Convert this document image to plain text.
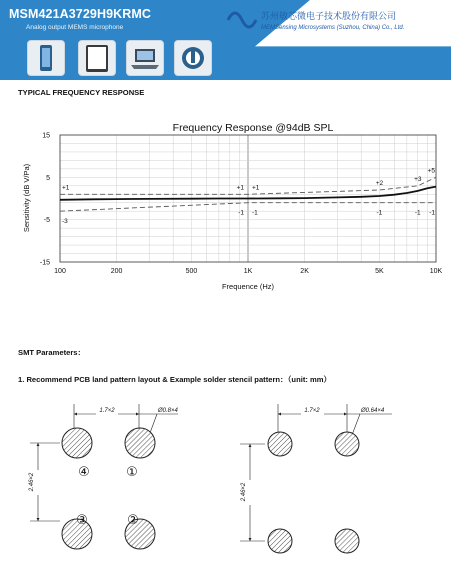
MSM421A3729H9KRMC
Analog output MEMS microphone
苏州敏芯微电子技术股份有限公司
MEMSensing Microsystems (Suzhou, China) Co., Ltd.
TYPICAL FREQUENCY RESPONSE
SMT Parameters：
1. Recommend PCB land pattern layout & Example solder stencil pattern：（unit: mm）
Frequency Response @94dB SPL
100	200	500	1K	2K	5K	10K
15
5
-5
-15
+1
-3
+1 +1
-1 -1
+2
-1
+3
-1
+5
-1
Frequence (Hz)
Sensitivity (dB V/Pa)
1.7×2	Ø0.8×4
2.46×2
④	①
③	②
1.7×2	Ø0.64×4
2.46×2
